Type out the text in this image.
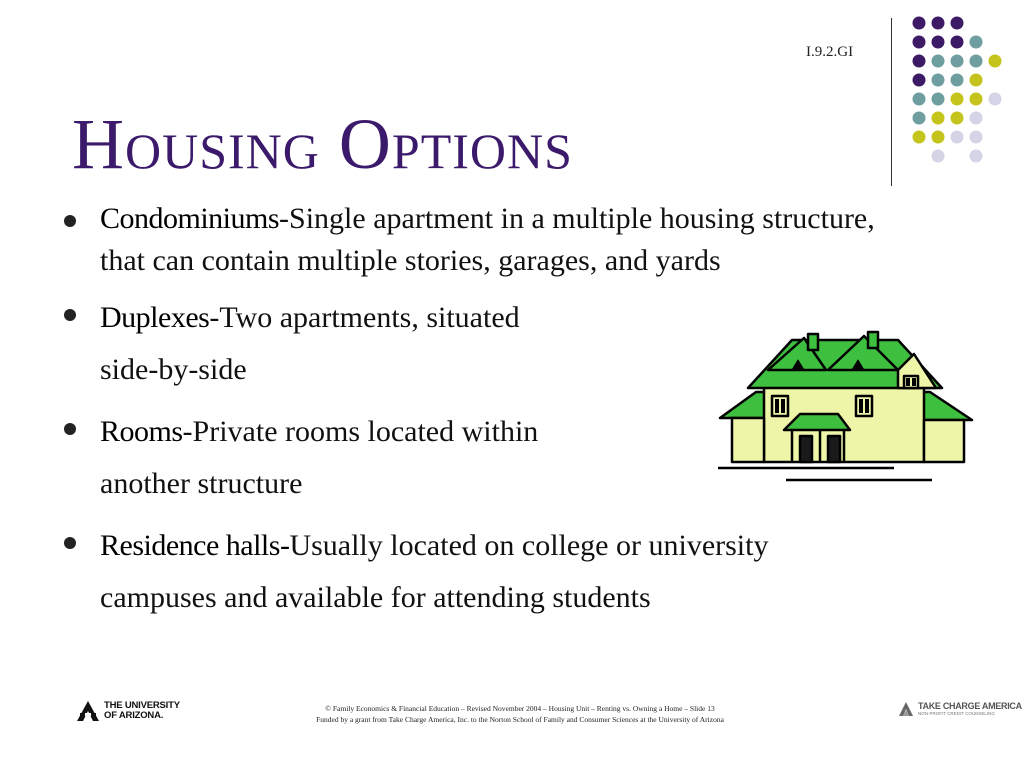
I.9.2.GI
Housing Options
Condominiums-Single apartment in a multiple housing structure, that can contain multiple stories, garages, and yards
Duplexes-Two apartments, situated
side-by-side
Rooms-Private rooms located within
another structure
Residence halls-Usually located on college or university
campuses and available for attending students
THE UNIVERSITY
OF ARIZONA.
© Family Economics & Financial Education – Revised November 2004 – Housing Unit – Renting vs. Owning a Home – Slide 13
Funded by a grant from Take Charge America, Inc. to the Norton School of Family and Consumer Sciences at the University of Arizona
TAKE CHARGE AMERICA
NON-PROFIT CREDIT COUNSELING
